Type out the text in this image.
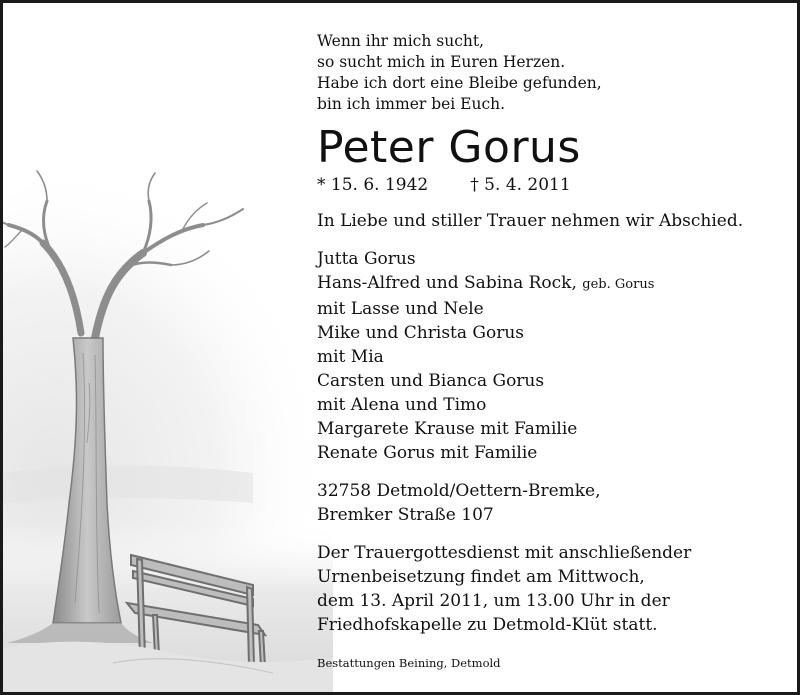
Wenn ihr mich sucht,
so sucht mich in Euren Herzen.
Habe ich dort eine Bleibe gefunden,
bin ich immer bei Euch.
Peter Gorus
* 15. 6. 1942 † 5. 4. 2011
In Liebe und stiller Trauer nehmen wir Abschied.
Jutta Gorus
Hans-Alfred und Sabina Rock, geb. Gorus
mit Lasse und Nele
Mike und Christa Gorus
mit Mia
Carsten und Bianca Gorus
mit Alena und Timo
Margarete Krause mit Familie
Renate Gorus mit Familie
32758 Detmold/Oettern-Bremke,
Bremker Straße 107
Der Trauergottesdienst mit anschließender
Urnenbeisetzung findet am Mittwoch,
dem 13. April 2011, um 13.00 Uhr in der
Friedhofskapelle zu Detmold-Klüt statt.
Bestattungen Beining, Detmold
